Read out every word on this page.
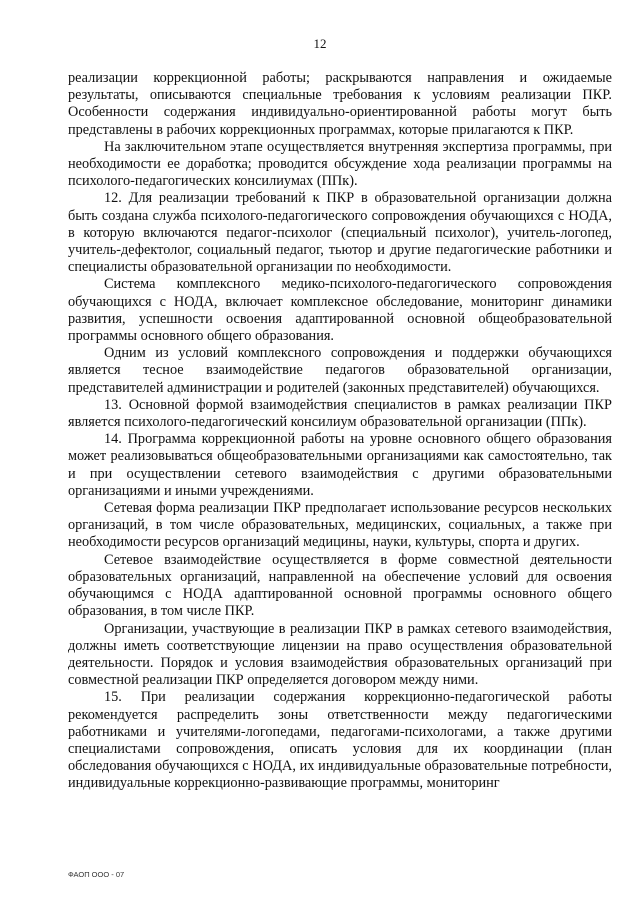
12

реализации коррекционной работы; раскрываются направления и ожидаемые результаты, описываются специальные требования к условиям реализации ПКР. Особенности содержания индивидуально-ориентированной работы могут быть представлены в рабочих коррекционных программах, которые прилагаются к ПКР.

На заключительном этапе осуществляется внутренняя экспертиза программы, при необходимости ее доработка; проводится обсуждение хода реализации программы на психолого-педагогических консилиумах (ППк).

12. Для реализации требований к ПКР в образовательной организации должна быть создана служба психолого-педагогического сопровождения обучающихся с НОДА, в которую включаются педагог-психолог (специальный психолог), учитель-логопед, учитель-дефектолог, социальный педагог, тьютор и другие педагогические работники и специалисты образовательной организации по необходимости.

Система комплексного медико-психолого-педагогического сопровождения обучающихся с НОДА, включает комплексное обследование, мониторинг динамики развития, успешности освоения адаптированной основной общеобразовательной программы основного общего образования.

Одним из условий комплексного сопровождения и поддержки обучающихся является тесное взаимодействие педагогов образовательной организации, представителей администрации и родителей (законных представителей) обучающихся.

13. Основной формой взаимодействия специалистов в рамках реализации ПКР является психолого-педагогический консилиум образовательной организации (ППк).

14. Программа коррекционной работы на уровне основного общего образования может реализовываться общеобразовательными организациями как самостоятельно, так и при осуществлении сетевого взаимодействия с другими образовательными организациями и иными учреждениями.

Сетевая форма реализации ПКР предполагает использование ресурсов нескольких организаций, в том числе образовательных, медицинских, социальных, а также при необходимости ресурсов организаций медицины, науки, культуры, спорта и других.

Сетевое взаимодействие осуществляется в форме совместной деятельности образовательных организаций, направленной на обеспечение условий для освоения обучающимся с НОДА адаптированной основной программы основного общего образования, в том числе ПКР.

Организации, участвующие в реализации ПКР в рамках сетевого взаимодействия, должны иметь соответствующие лицензии на право осуществления образовательной деятельности. Порядок и условия взаимодействия образовательных организаций при совместной реализации ПКР определяется договором между ними.

15. При реализации содержания коррекционно-педагогической работы рекомендуется распределить зоны ответственности между педагогическими работниками и учителями-логопедами, педагогами-психологами, а также другими специалистами сопровождения, описать условия для их координации (план обследования обучающихся с НОДА, их индивидуальные образовательные потребности, индивидуальные коррекционно-развивающие программы, мониторинг

ФАОП ООО - 07
